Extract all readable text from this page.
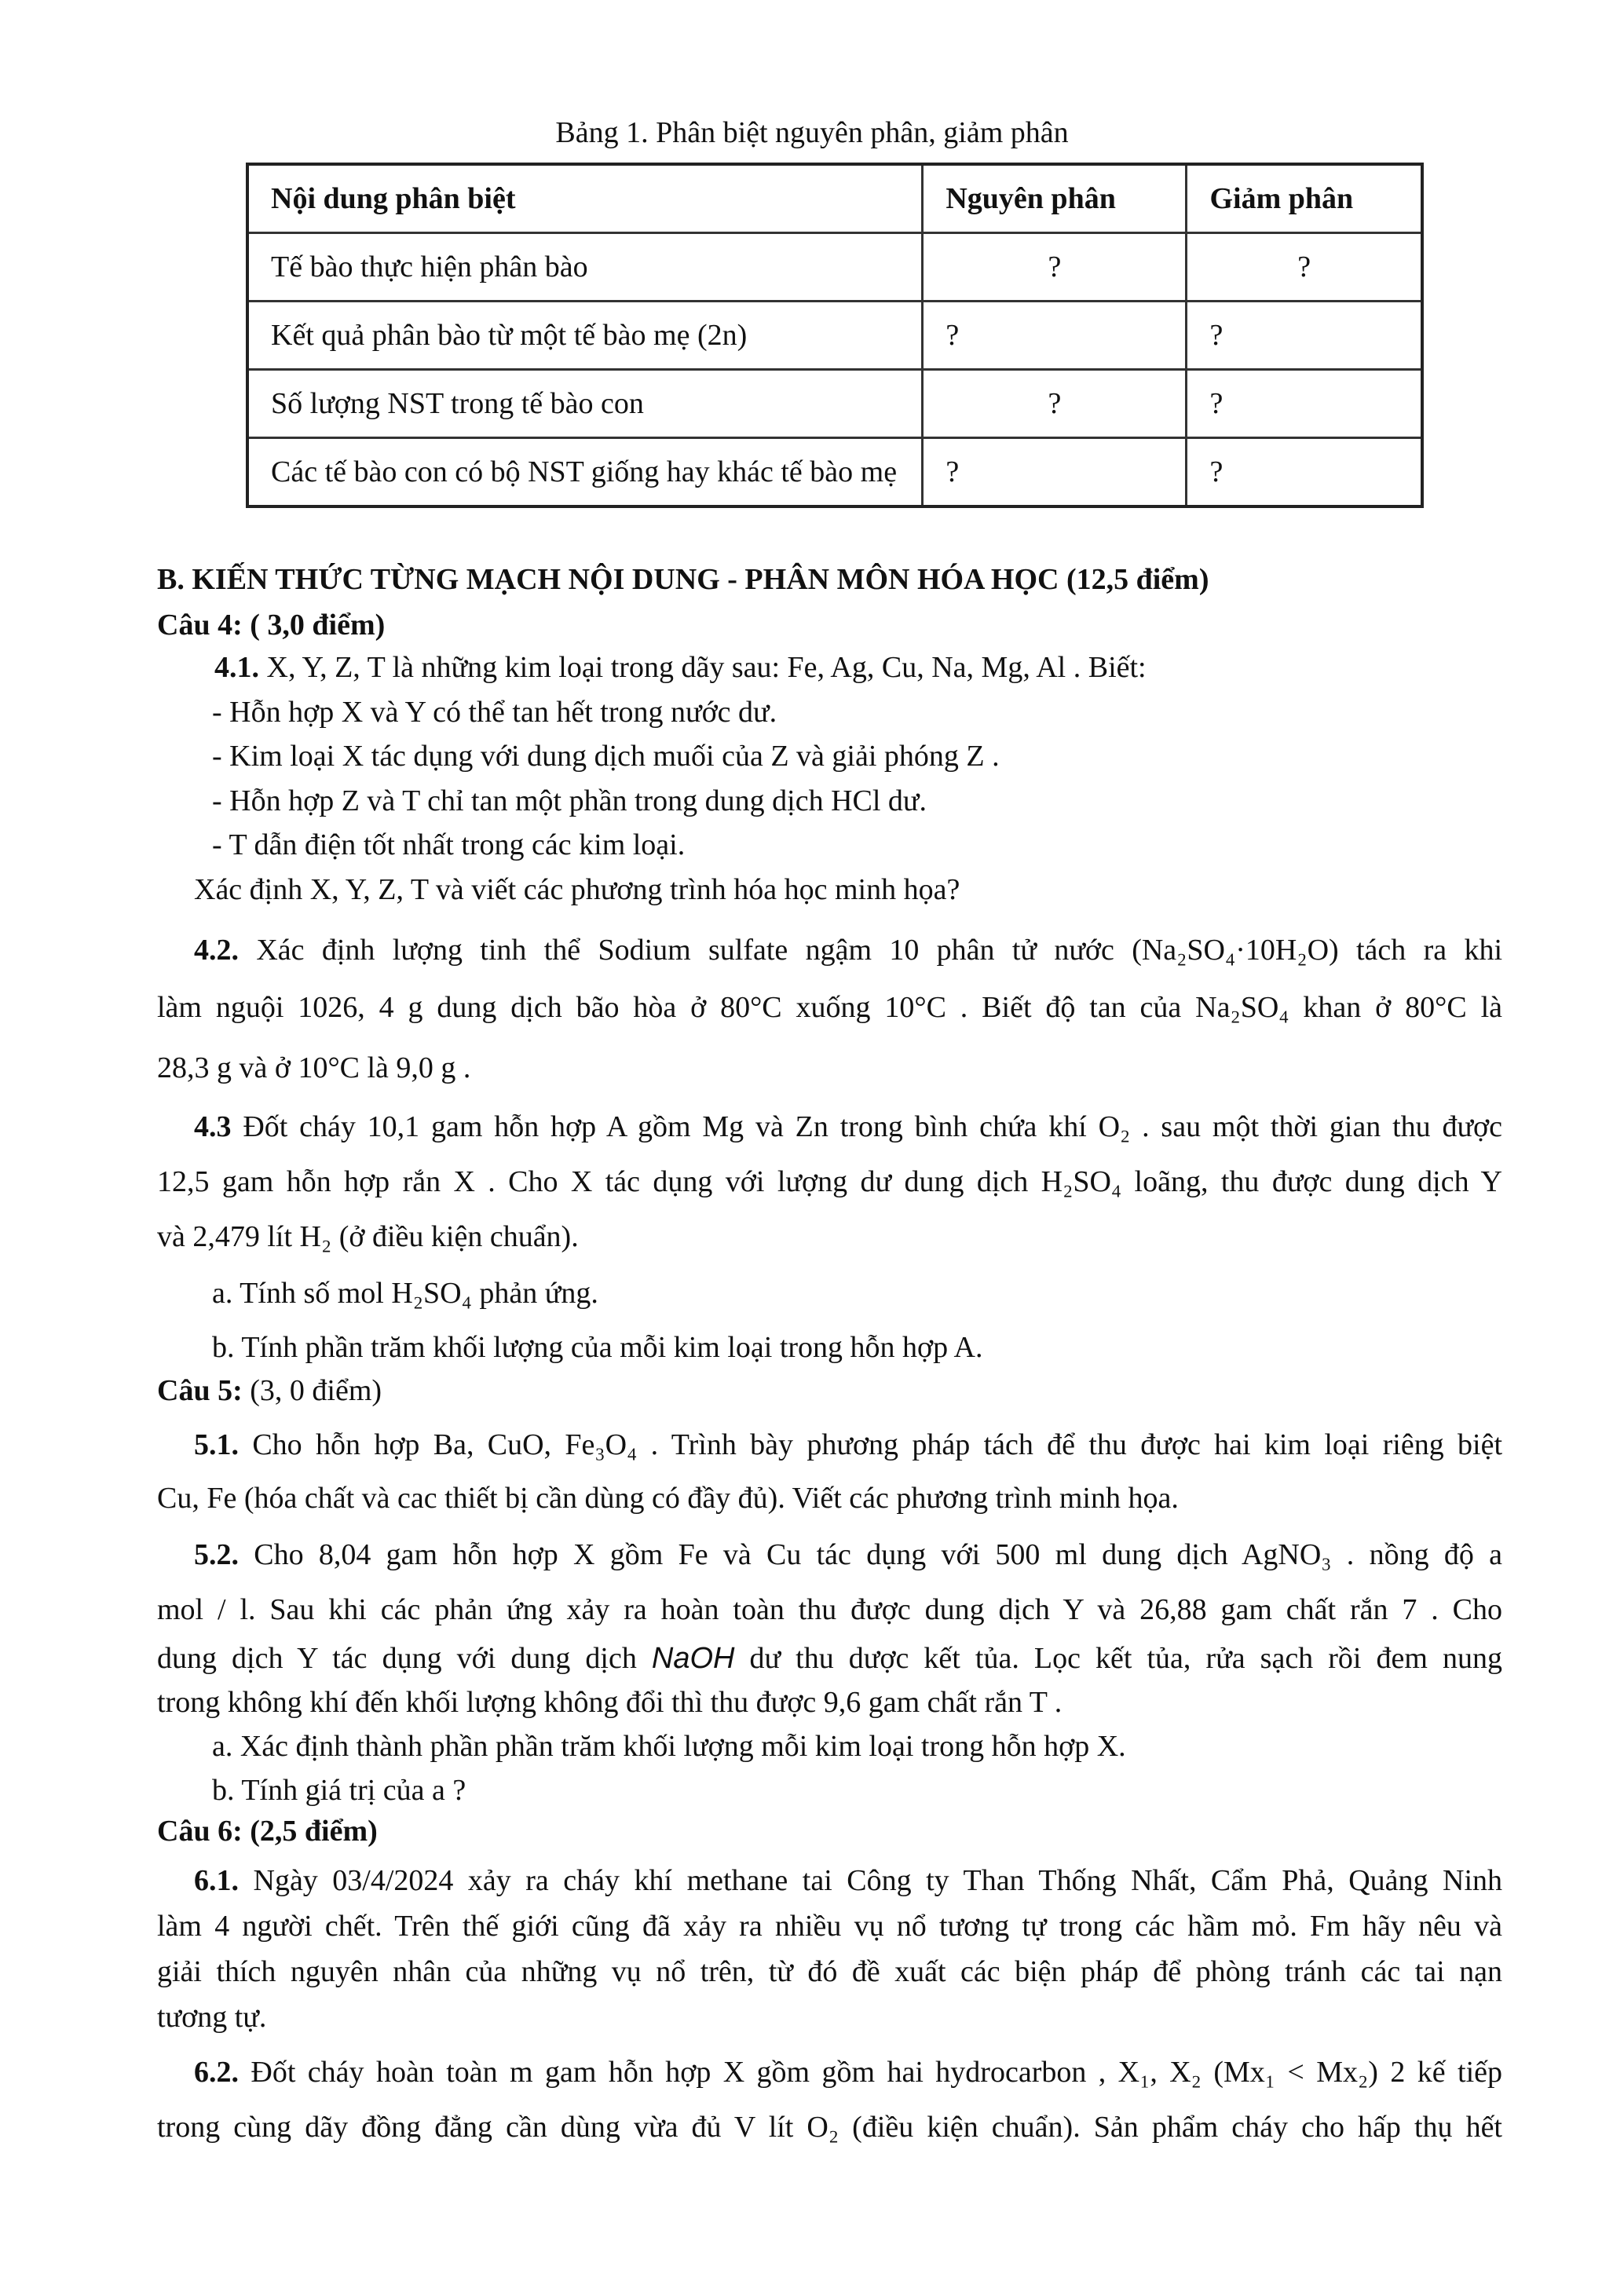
Bảng 1. Phân biệt nguyên phân, giảm phân
Nội dung phân biệt	Nguyên phân	Giảm phân
Tế bào thực hiện phân bào	?	?
Kết quả phân bào từ một tế bào mẹ (2n)	?	?
Số lượng NST trong tế bào con	?	?
Các tế bào con có bộ NST giống hay khác tế bào mẹ	?	?
B. KIẾN THỨC TỪNG MẠCH NỘI DUNG - PHÂN MÔN HÓA HỌC (12,5 điểm)
Câu 4: ( 3,0 điểm)
4.1. X, Y, Z, T là những kim loại trong dãy sau: Fe, Ag, Cu, Na, Mg, Al . Biết:
- Hỗn hợp X và Y có thể tan hết trong nước dư.
- Kim loại X tác dụng với dung dịch muối của Z và giải phóng Z .
- Hỗn hợp Z và T chỉ tan một phần trong dung dịch HCl dư.
- T dẫn điện tốt nhất trong các kim loại.
Xác định X, Y, Z, T và viết các phương trình hóa học minh họa?
4.2. Xác định lượng tinh thể Sodium sulfate ngậm 10 phân tử nước (Na₂SO₄·10H₂O) tách ra khi
làm nguội 1026, 4 g dung dịch bão hòa ở 80°C xuống 10°C . Biết độ tan của Na₂SO₄ khan ở 80°C là
28,3 g và ở 10°C là 9,0 g .
4.3 Đốt cháy 10,1 gam hỗn hợp A gồm Mg và Zn trong bình chứa khí O₂ . sau một thời gian thu được
12,5 gam hỗn hợp rắn X . Cho X tác dụng với lượng dư dung dịch H₂SO₄ loãng, thu được dung dịch Y
và 2,479 lít H₂ (ở điều kiện chuẩn).
a. Tính số mol H₂SO₄ phản ứng.
b. Tính phần trăm khối lượng của mỗi kim loại trong hỗn hợp A.
Câu 5: (3, 0 điểm)
5.1. Cho hỗn hợp Ba, CuO, Fe₃O₄ . Trình bày phương pháp tách để thu được hai kim loại riêng biệt
Cu, Fe (hóa chất và cac thiết bị cần dùng có đầy đủ). Viết các phương trình minh họa.
5.2. Cho 8,04 gam hỗn hợp X gồm Fe và Cu tác dụng với 500 ml dung dịch AgNO₃ . nồng độ a
mol / l. Sau khi các phản ứng xảy ra hoàn toàn thu được dung dịch Y và 26,88 gam chất rắn 7 . Cho
dung dịch Y tác dụng với dung dịch NaOH dư thu dược kết tủa. Lọc kết tủa, rửa sạch rồi đem nung
trong không khí đến khối lượng không đổi thì thu được 9,6 gam chất rắn T .
a. Xác định thành phần phần trăm khối lượng mỗi kim loại trong hỗn hợp X.
b. Tính giá trị của a ?
Câu 6: (2,5 điểm)
6.1. Ngày 03/4/2024 xảy ra cháy khí methane tai Công ty Than Thống Nhất, Cẩm Phả, Quảng Ninh
làm 4 người chết. Trên thế giới cũng đã xảy ra nhiều vụ nổ tương tự trong các hầm mỏ. Fm hãy nêu và
giải thích nguyên nhân của những vụ nổ trên, từ đó đề xuất các biện pháp để phòng tránh các tai nạn
tương tự.
6.2. Đốt cháy hoàn toàn m gam hỗn hợp X gồm gồm hai hydrocarbon , X₁, X₂ (Mx₁ < Mx₂) 2 kế tiếp
trong cùng dãy đồng đẳng cần dùng vừa đủ V lít O₂ (điều kiện chuẩn). Sản phẩm cháy cho hấp thụ hết
